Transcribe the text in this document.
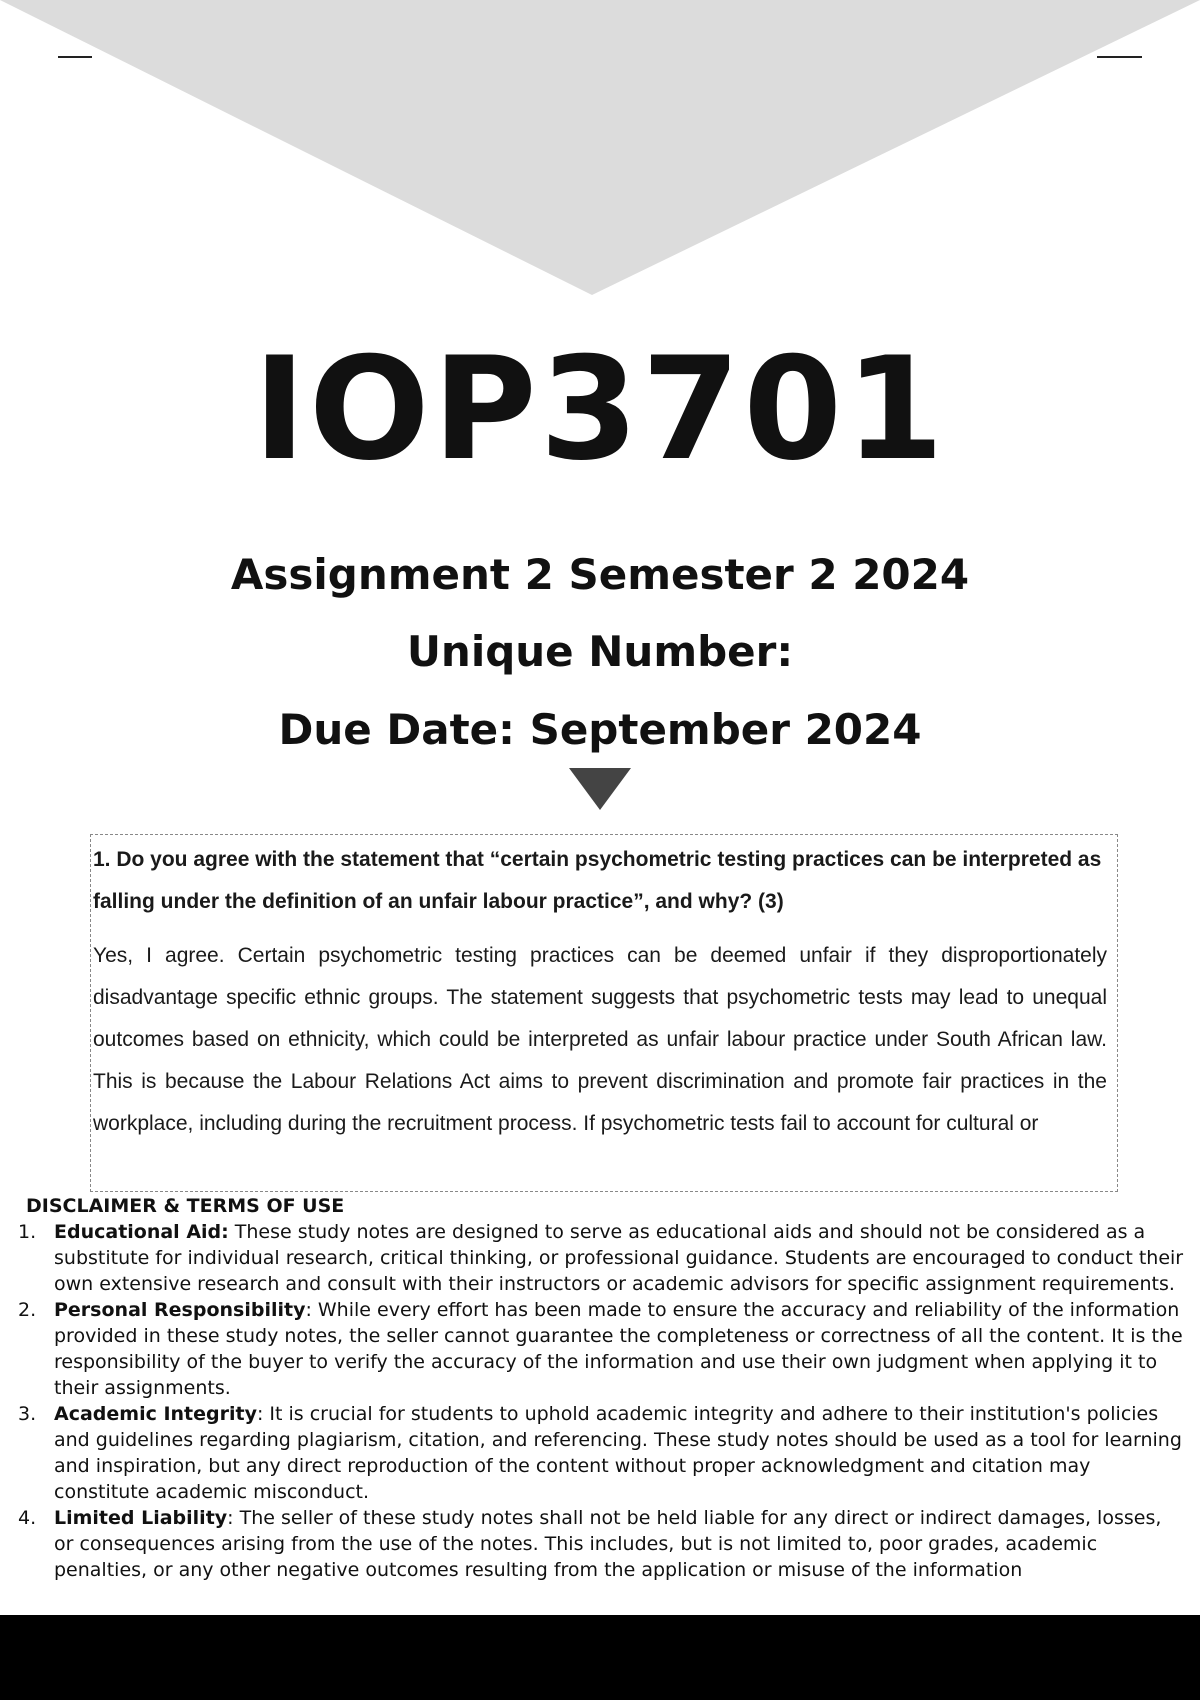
IOP3701
Assignment 2 Semester 2 2024
Unique Number:
Due Date: September 2024

1. Do you agree with the statement that “certain psychometric testing practices can be interpreted as falling under the definition of an unfair labour practice”, and why? (3)

Yes, I agree. Certain psychometric testing practices can be deemed unfair if they disproportionately disadvantage specific ethnic groups. The statement suggests that psychometric tests may lead to unequal outcomes based on ethnicity, which could be interpreted as unfair labour practice under South African law. This is because the Labour Relations Act aims to prevent discrimination and promote fair practices in the workplace, including during the recruitment process. If psychometric tests fail to account for cultural or

DISCLAIMER & TERMS OF USE
1. Educational Aid: These study notes are designed to serve as educational aids and should not be considered as a substitute for individual research, critical thinking, or professional guidance. Students are encouraged to conduct their own extensive research and consult with their instructors or academic advisors for specific assignment requirements.
2. Personal Responsibility: While every effort has been made to ensure the accuracy and reliability of the information provided in these study notes, the seller cannot guarantee the completeness or correctness of all the content. It is the responsibility of the buyer to verify the accuracy of the information and use their own judgment when applying it to their assignments.
3. Academic Integrity: It is crucial for students to uphold academic integrity and adhere to their institution's policies and guidelines regarding plagiarism, citation, and referencing. These study notes should be used as a tool for learning and inspiration, but any direct reproduction of the content without proper acknowledgment and citation may constitute academic misconduct.
4. Limited Liability: The seller of these study notes shall not be held liable for any direct or indirect damages, losses, or consequences arising from the use of the notes. This includes, but is not limited to, poor grades, academic penalties, or any other negative outcomes resulting from the application or misuse of the information
